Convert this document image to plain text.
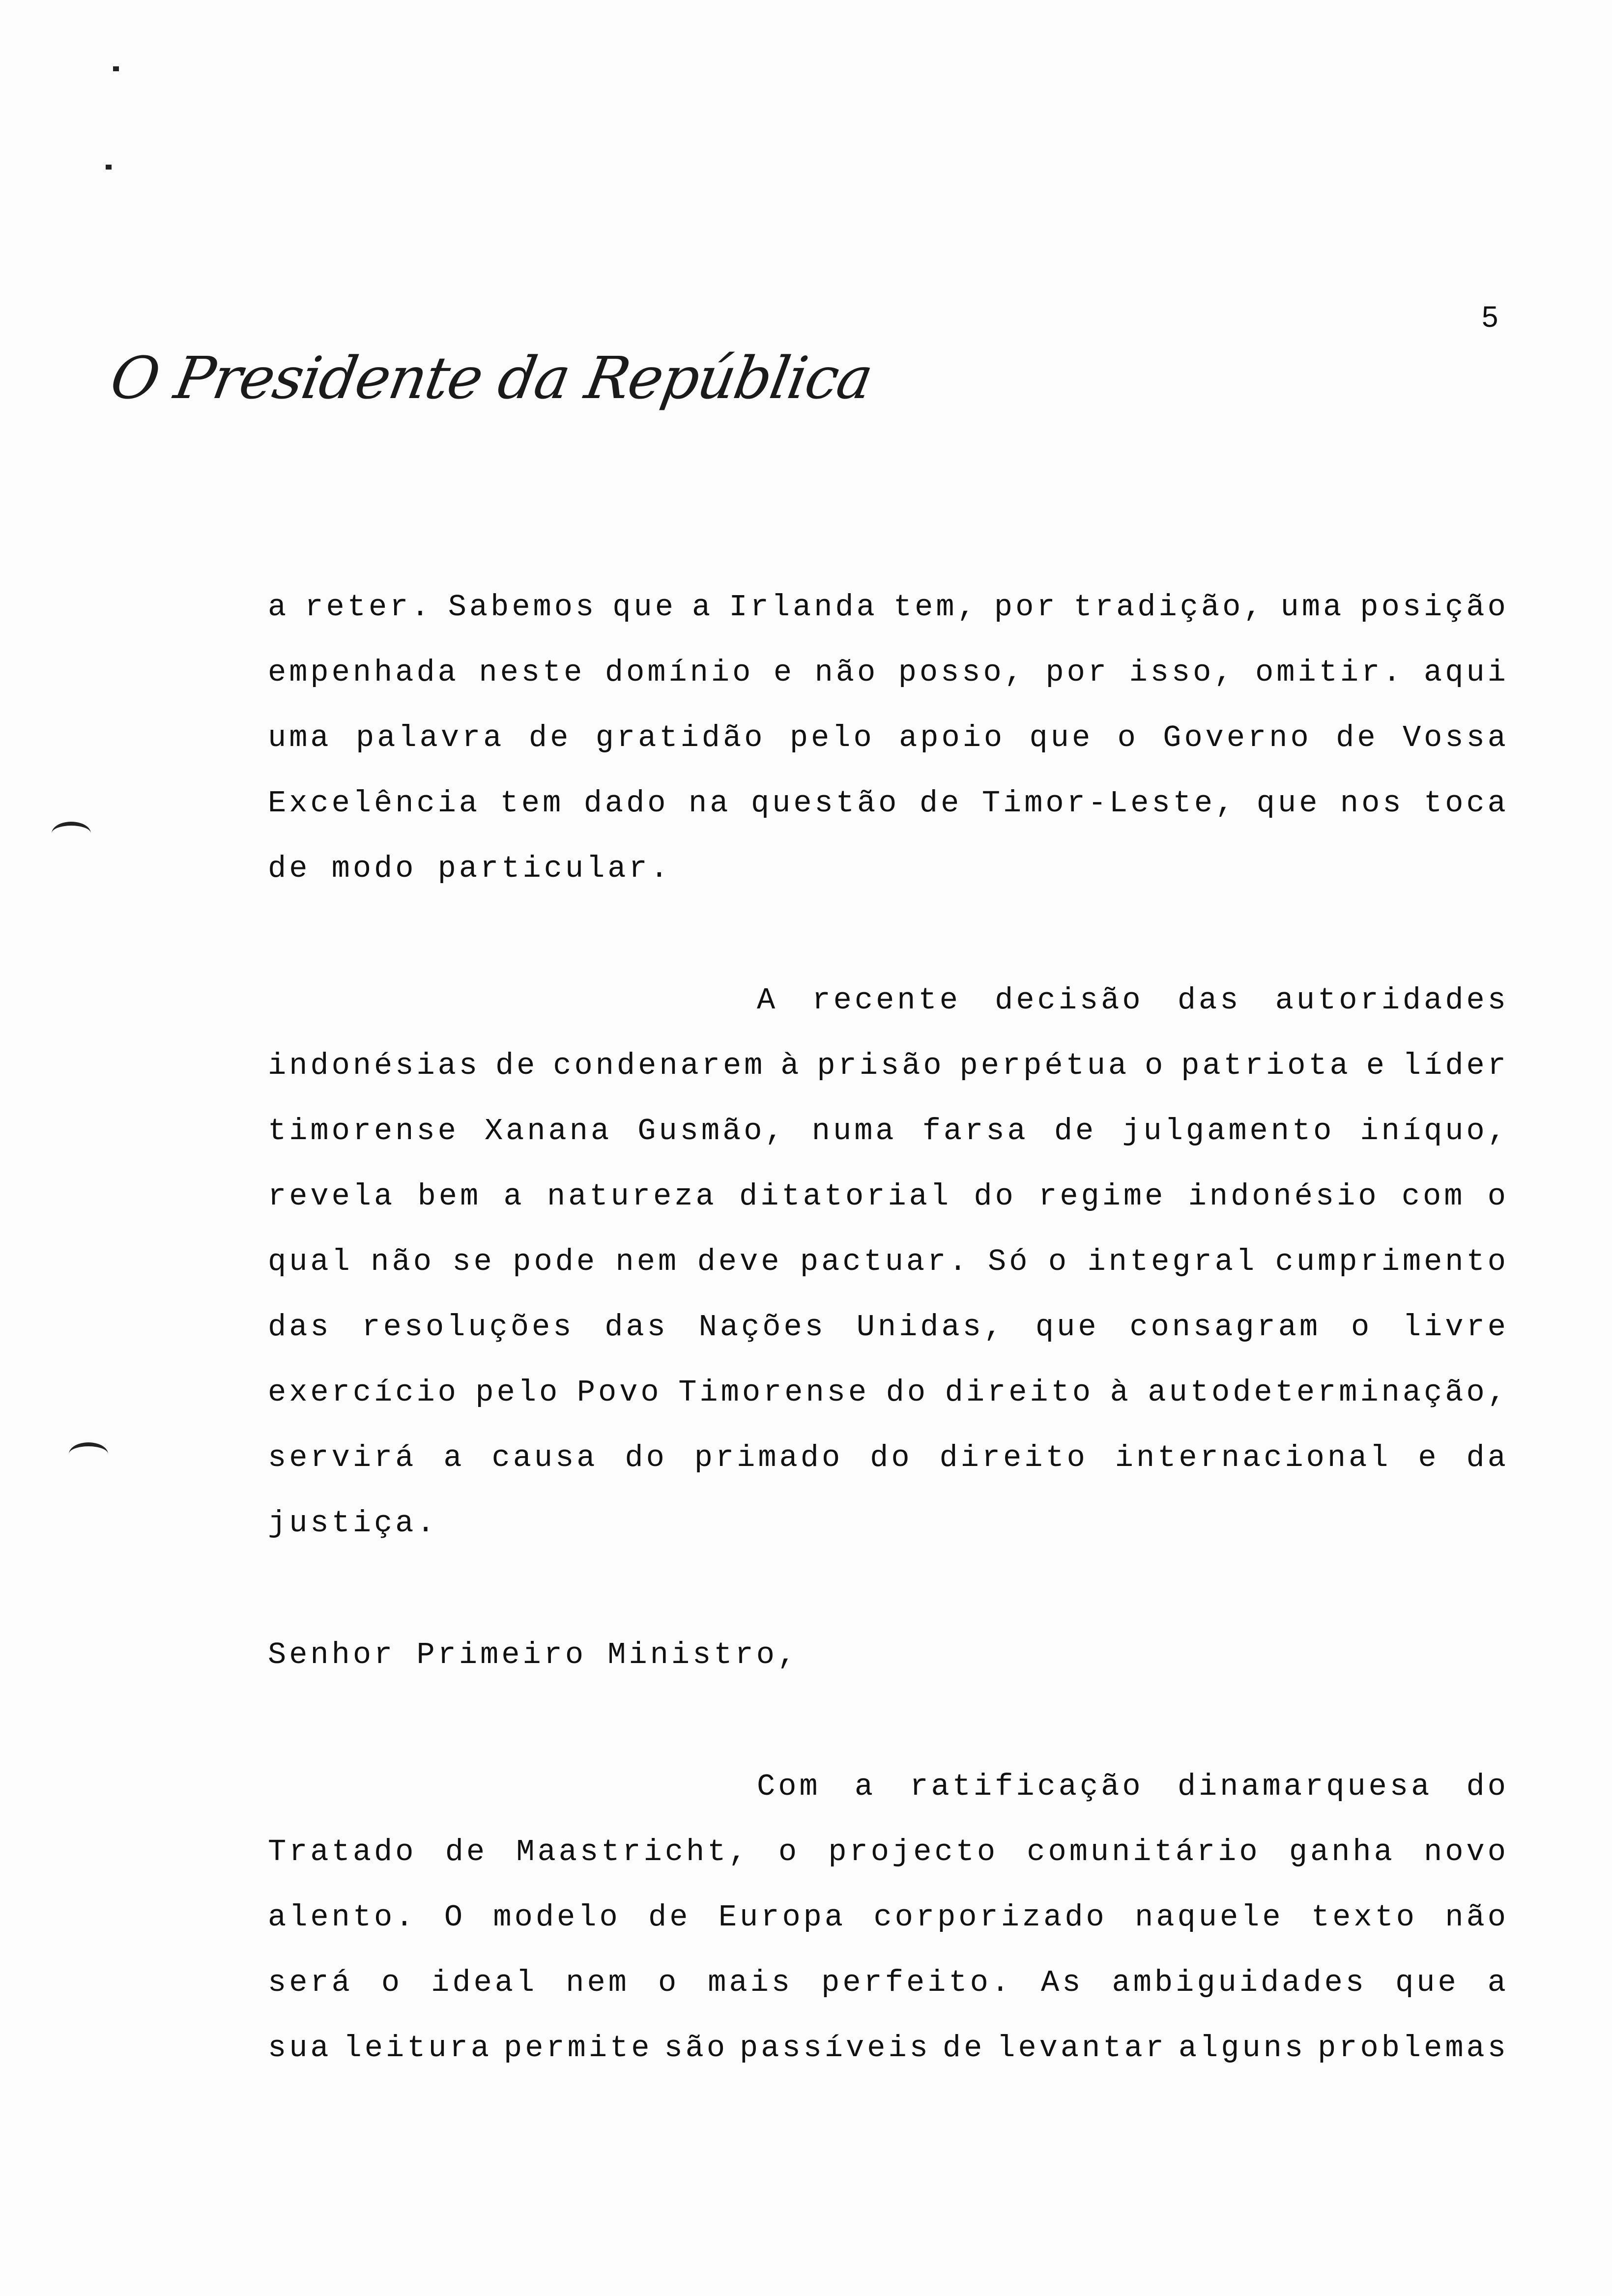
5
O Presidente da República
a reter. Sabemos que a Irlanda tem, por tradição, uma posição
empenhada neste domínio e não posso, por isso, omitir. aqui
uma palavra de gratidão pelo apoio que o Governo de Vossa
Excelência tem dado na questão de Timor-Leste, que nos toca
de modo particular.
A recente decisão das autoridades
indonésias de condenarem à prisão perpétua o patriota e líder
timorense Xanana Gusmão, numa farsa de julgamento iníquo,
revela bem a natureza ditatorial do regime indonésio com o
qual não se pode nem deve pactuar. Só o integral cumprimento
das resoluções das Nações Unidas, que consagram o livre
exercício pelo Povo Timorense do direito à autodeterminação,
servirá a causa do primado do direito internacional e da
justiça.
Senhor Primeiro Ministro,
Com a ratificação dinamarquesa do
Tratado de Maastricht, o projecto comunitário ganha novo
alento. O modelo de Europa corporizado naquele texto não
será o ideal nem o mais perfeito. As ambiguidades que a
sua leitura permite são passíveis de levantar alguns problemas
